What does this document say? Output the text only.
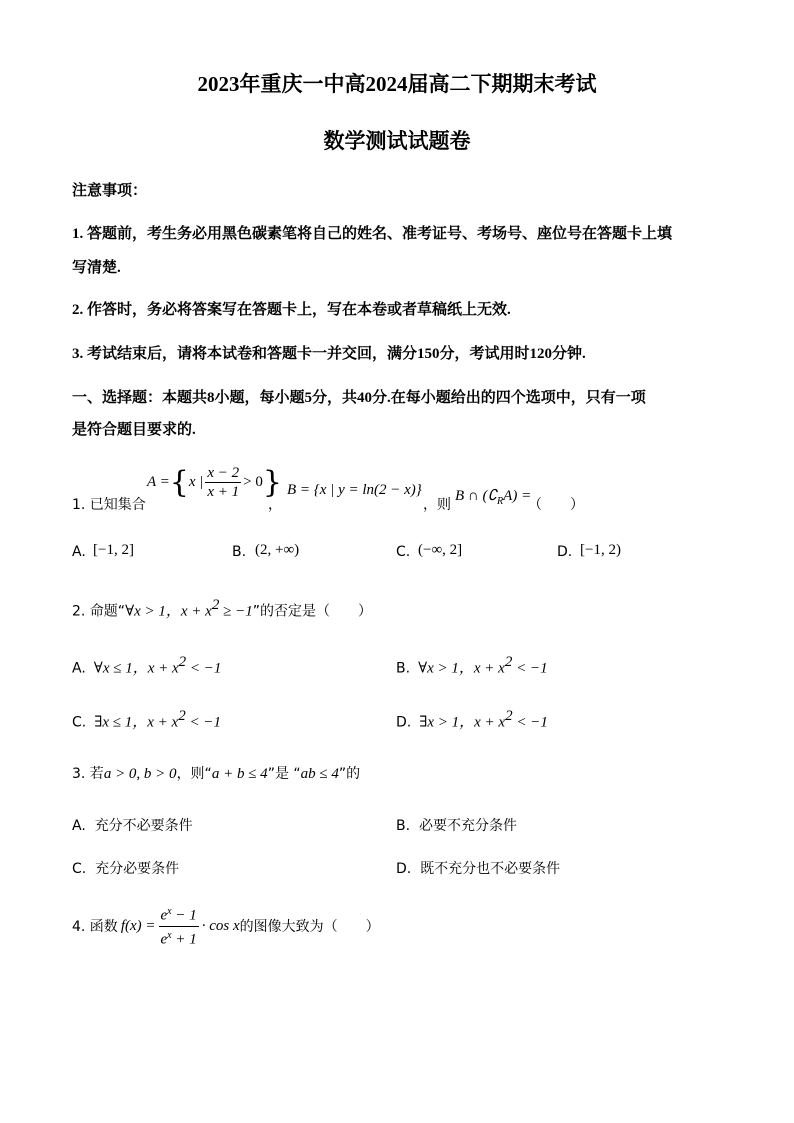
2023年重庆一中高2024届高二下期期末考试
数学测试试题卷
注意事项：
1. 答题前，考生务必用黑色碳素笔将自己的姓名、准考证号、考场号、座位号在答题卡上填
写清楚.
2. 作答时，务必将答案写在答题卡上，写在本卷或者草稿纸上无效.
3. 考试结束后，请将本试卷和答题卡一并交回，满分150分，考试用时120分钟.
一、选择题：本题共8小题，每小题5分，共40分.在每小题给出的四个选项中，只有一项
是符合题目要求的.
1. 已知集合
A = { x | $\frac{x - 2}{x + 1} > 0$ }
，
B = {x | y = ln(2 − x)}
，则
B ∩ $(∁_RA)$ =
（　　）
A. [−1, 2]	B. (2, +∞)	C. (−∞, 2]	D. [−1, 2)
2. 命题“∀x > 1，$x + x^2 \ge -1$”的否定是（　　）
A. ∀x ≤ 1，$x + x^2 < -1$	B. ∀x > 1，$x + x^2 < -1$
C. ∃x ≤ 1，$x + x^2 < -1$	D. ∃x > 1，$x + x^2 < -1$
3. 若a > 0, b > 0，则“a + b ≤ 4”是 “ab ≤ 4”的
A. 充分不必要条件	B. 必要不充分条件
C. 充分必要条件	D. 既不充分也不必要条件
4. 函数 $f(x) = \frac{e^x - 1}{e^x + 1} \cdot \cos x$ 的图像大致为（　　）
